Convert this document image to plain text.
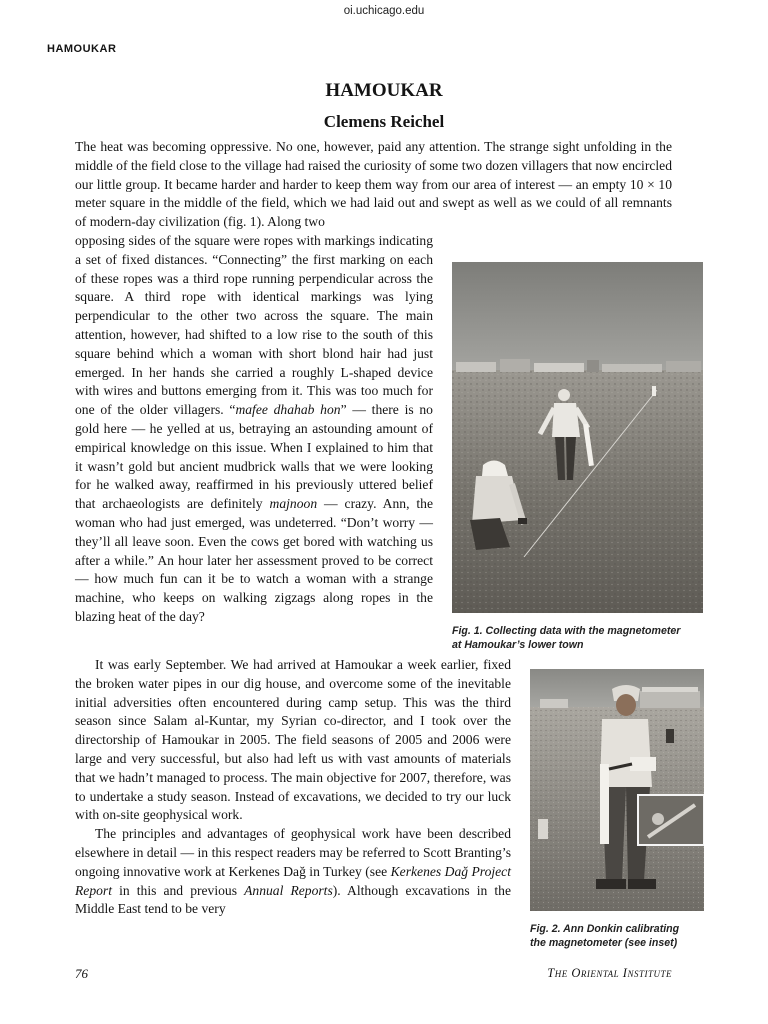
oi.uchicago.edu
HAMOUKAR
HAMOUKAR
Clemens Reichel

The heat was becoming oppressive. No one, however, paid any attention. The strange sight unfolding in the middle of the field close to the village had raised the curiosity of some two dozen villagers that now encircled our little group. It became harder and harder to keep them way from our area of interest — an empty 10 × 10 meter square in the middle of the field, which we had laid out and swept as well as we could of all remnants of modern-day civilization (fig. 1). Along two

opposing sides of the square were ropes with markings indicating a set of fixed distances. “Connecting” the first marking on each of these ropes was a third rope running perpendicular across the square. A third rope with identical markings was lying perpendicular to the other two across the square. The main attention, however, had shifted to a low rise to the south of this square behind which a woman with short blond hair had just emerged. In her hands she carried a roughly L-shaped device with wires and buttons emerging from it. This was too much for one of the older villagers. “mafee dhahab hon” — there is no gold here — he yelled at us, betraying an astounding amount of empirical knowledge on this issue. When I explained to him that it wasn’t gold but ancient mudbrick walls that we were looking for he walked away, reaffirmed in his previously uttered belief that archaeologists are definitely majnoon — crazy. Ann, the woman who had just emerged, was undeterred. “Don’t worry — they’ll all leave soon. Even the cows get bored with watching us after a while.” An hour later her assessment proved to be correct — how much fun can it be to watch a woman with a strange machine, who keeps on walking zigzags along ropes in the blazing heat of the day?

It was early September. We had arrived at Hamoukar a week earlier, fixed the broken water pipes in our dig house, and overcome some of the inevitable initial adversities often encountered during camp setup. This was the third season since Salam al-Kuntar, my Syrian co-director, and I took over the directorship of Hamoukar in 2005. The field seasons of 2005 and 2006 were large and very successful, but also had left us with vast amounts of materials that we hadn’t managed to process. The main objective for 2007, therefore, was to undertake a study season. Instead of excavations, we decided to try our luck with on-site geophysical work.

The principles and advantages of geophysical work have been described elsewhere in detail — in this respect readers may be referred to Scott Branting’s ongoing innovative work at Kerkenes Dağ in Turkey (see Kerkenes Dağ Project Report in this and previous Annual Reports). Although excavations in the Middle East tend to be very

Fig. 1. Collecting data with the magnetometer
at Hamoukar’s lower town

Fig. 2. Ann Donkin calibrating
the magnetometer (see inset)

76	The Oriental Institute
